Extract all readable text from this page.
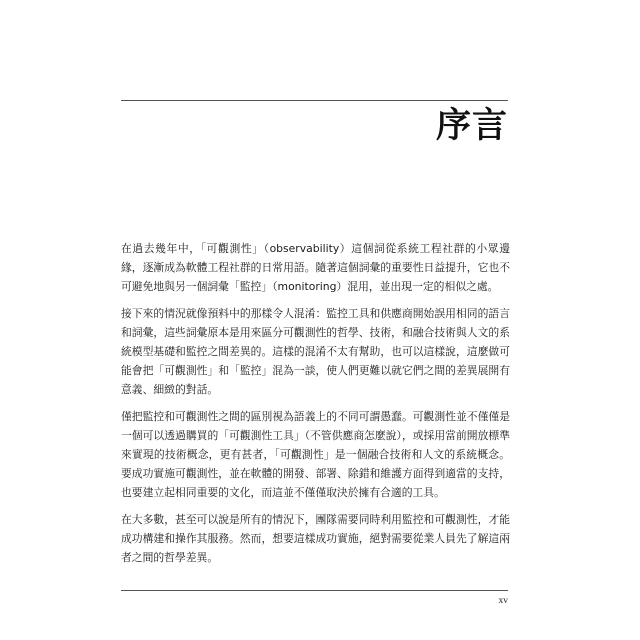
序言

在過去幾年中，「可觀測性」（observability）這個詞從系統工程社群的小眾邊緣，逐漸成為軟體工程社群的日常用語。隨著這個詞彙的重要性日益提升，它也不可避免地與另一個詞彙「監控」（monitoring）混用，並出現一定的相似之處。

接下來的情況就像預料中的那樣令人混淆：監控工具和供應商開始誤用相同的語言和詞彙，這些詞彙原本是用來區分可觀測性的哲學、技術，和融合技術與人文的系統模型基礎和監控之間差異的。這樣的混淆不太有幫助，也可以這樣說，這麼做可能會把「可觀測性」和「監控」混為一談，使人們更難以就它們之間的差異展開有意義、細緻的對話。

僅把監控和可觀測性之間的區別視為語義上的不同可謂愚蠢。可觀測性並不僅僅是一個可以透過購買的「可觀測性工具」（不管供應商怎麼說），或採用當前開放標準來實現的技術概念，更有甚者，「可觀測性」是一個融合技術和人文的系統概念。要成功實施可觀測性，並在軟體的開發、部署、除錯和維護方面得到適當的支持，也要建立起相同重要的文化，而這並不僅僅取決於擁有合適的工具。

在大多數，甚至可以說是所有的情況下，團隊需要同時利用監控和可觀測性，才能成功構建和操作其服務。然而，想要這樣成功實施，絕對需要從業人員先了解這兩者之間的哲學差異。

xv
